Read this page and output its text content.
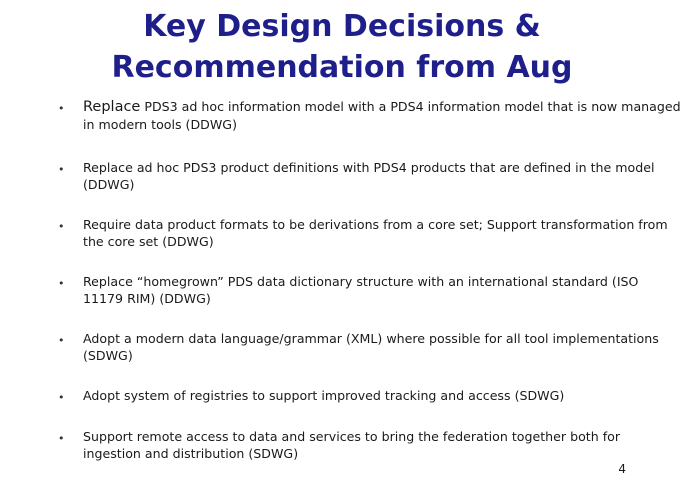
Key Design Decisions &
Recommendation from Aug
• Replace PDS3 ad hoc information model with a PDS4 information model that is now managed in modern tools (DDWG)
• Replace ad hoc PDS3 product definitions with PDS4 products that are defined in the model (DDWG)
• Require data product formats to be derivations from a core set; Support transformation from the core set (DDWG)
• Replace “homegrown” PDS data dictionary structure with an international standard (ISO 11179 RIM) (DDWG)
• Adopt a modern data language/grammar (XML) where possible for all tool implementations (SDWG)
• Adopt system of registries to support improved tracking and access (SDWG)
• Support remote access to data and services to bring the federation together both for ingestion and distribution (SDWG)
4
